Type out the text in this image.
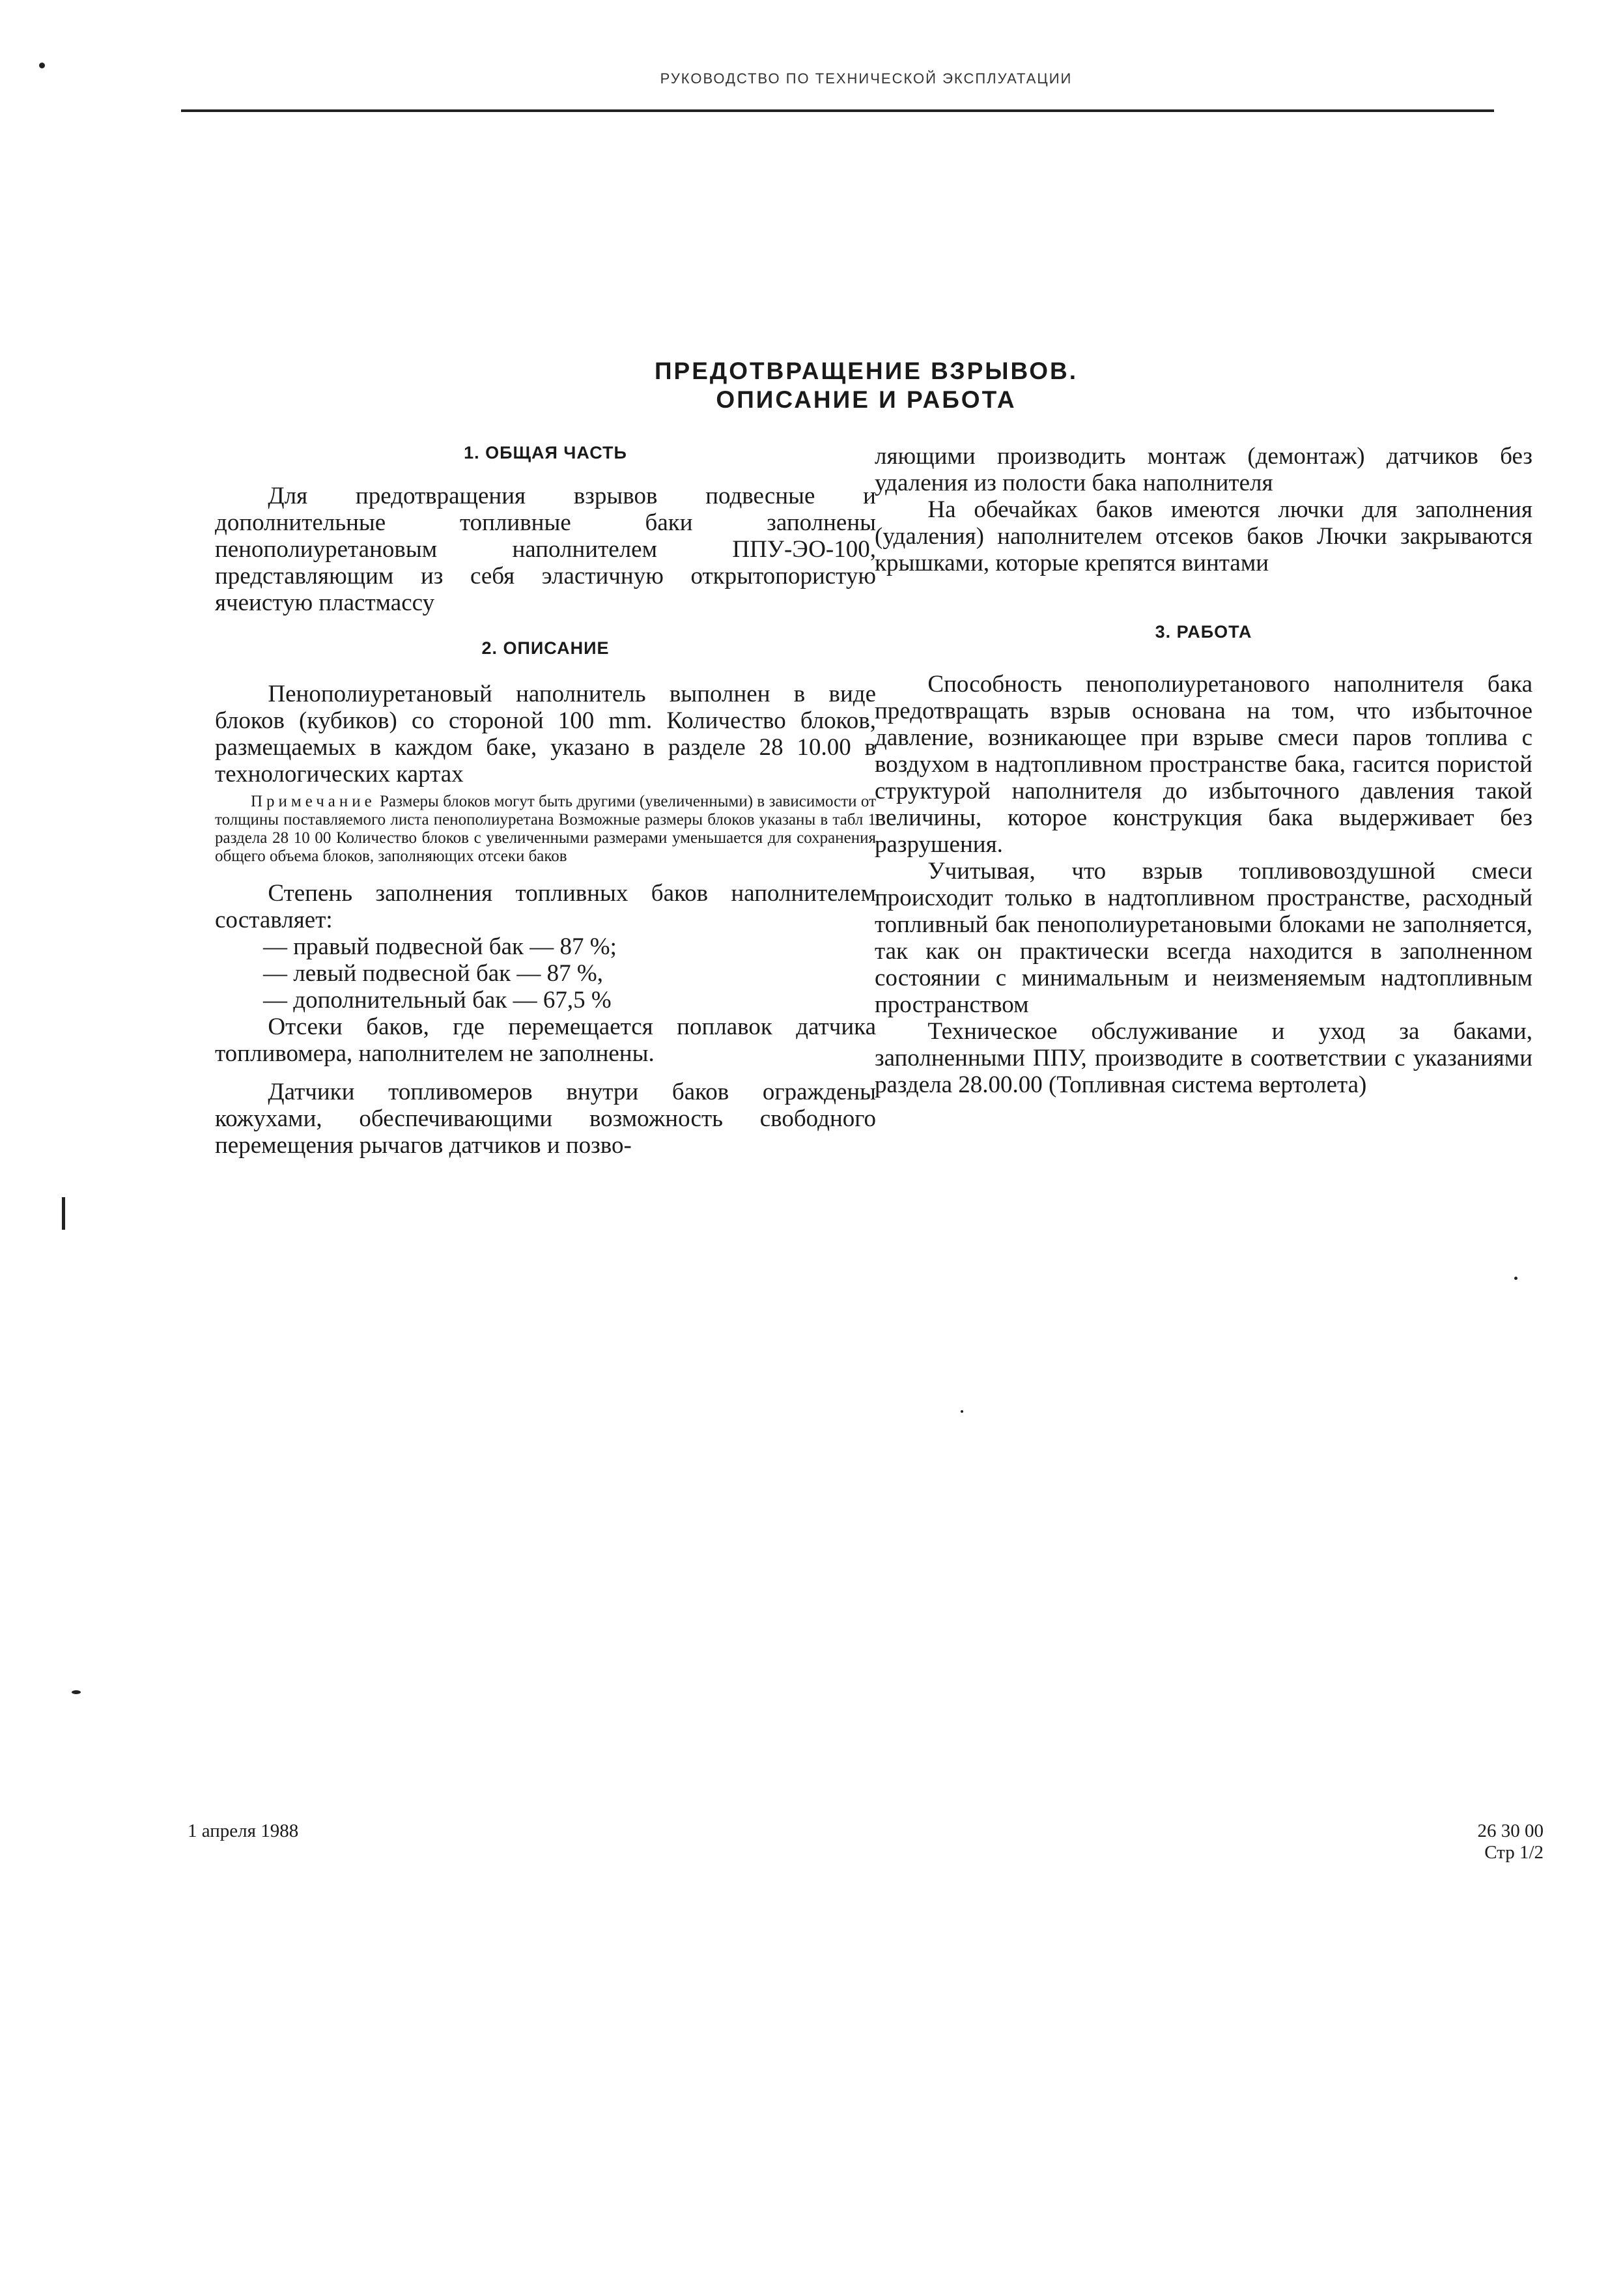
РУКОВОДСТВО ПО ТЕХНИЧЕСКОЙ ЭКСПЛУАТАЦИИ
ПРЕДОТВРАЩЕНИЕ ВЗРЫВОВ.
ОПИСАНИЕ И РАБОТА
1. ОБЩАЯ ЧАСТЬ

Для предотвращения взрывов подвесные и дополнительные топливные баки заполнены пенополиуретановым наполнителем ППУ-ЭО-100, представляющим из себя эластичную открытопористую ячеистую пластмассу

2. ОПИСАНИЕ

Пенополиуретановый наполнитель выполнен в виде блоков (кубиков) со стороной 100 mm. Количество блоков, размещаемых в каждом баке, указано в разделе 28 10.00 в технологических картах

Примечание Размеры блоков могут быть другими (увеличенными) в зависимости от толщины поставляемого листа пенополиуретана Возможные размеры блоков указаны в табл 1 раздела 28 10 00 Количество блоков с увеличенными размерами уменьшается для сохранения общего объема блоков, заполняющих отсеки баков

Степень заполнения топливных баков наполнителем составляет:

— правый подвесной бак — 87 %;
— левый подвесной бак — 87 %,
— дополнительный бак — 67,5 %

Отсеки баков, где перемещается поплавок датчика топливомера, наполнителем не заполнены.

Датчики топливомеров внутри баков ограждены кожухами, обеспечивающими возможность свободного перемещения рычагов датчиков и позво-

ляющими производить монтаж (демонтаж) датчиков без удаления из полости бака наполнителя

На обечайках баков имеются лючки для заполнения (удаления) наполнителем отсеков баков Лючки закрываются крышками, которые крепятся винтами

3. РАБОТА

Способность пенополиуретанового наполнителя бака предотвращать взрыв основана на том, что избыточное давление, возникающее при взрыве смеси паров топлива с воздухом в надтопливном пространстве бака, гасится пористой структурой наполнителя до избыточного давления такой величины, которое конструкция бака выдерживает без разрушения.

Учитывая, что взрыв топливовоздушной смеси происходит только в надтопливном пространстве, расходный топливный бак пенополиуретановыми блоками не заполняется, так как он практически всегда находится в заполненном состоянии с минимальным и неизменяемым надтопливным пространством

Техническое обслуживание и уход за баками, заполненными ППУ, производите в соответствии с указаниями раздела 28.00.00 (Топливная система вертолета)

1 апреля 1988	26 30 00
Стр 1/2
